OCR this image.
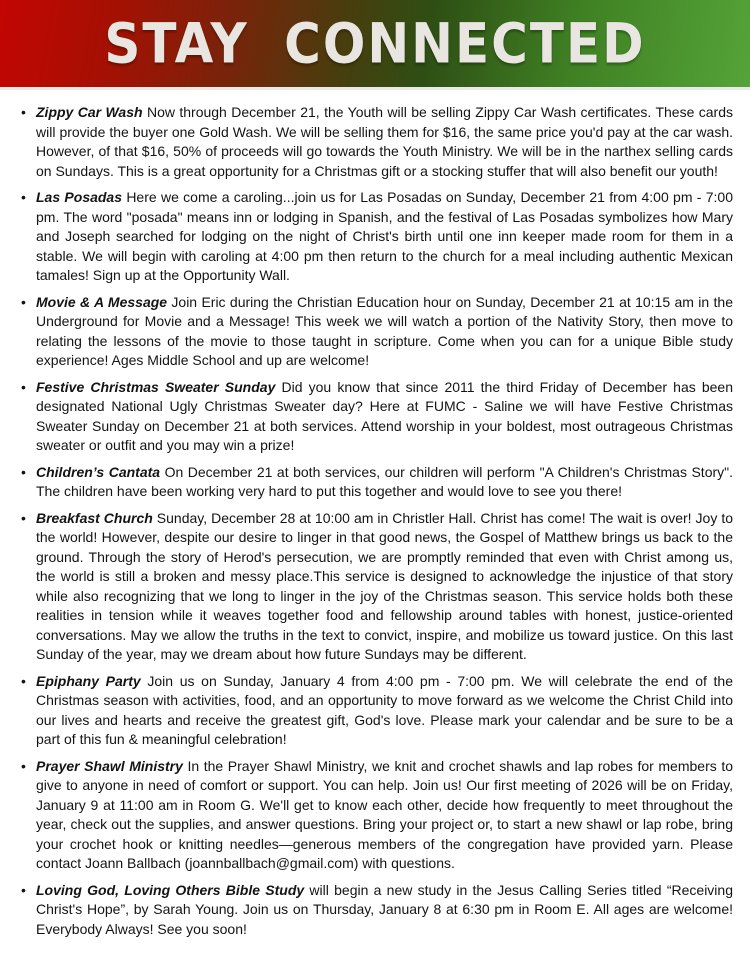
STAY CONNECTED
• Zippy Car Wash Now through December 21, the Youth will be selling Zippy Car Wash certificates. These cards will provide the buyer one Gold Wash. We will be selling them for $16, the same price you'd pay at the car wash. However, of that $16, 50% of proceeds will go towards the Youth Ministry. We will be in the narthex selling cards on Sundays. This is a great opportunity for a Christmas gift or a stocking stuffer that will also benefit our youth!
• Las Posadas Here we come a caroling...join us for Las Posadas on Sunday, December 21 from 4:00 pm - 7:00 pm. The word "posada" means inn or lodging in Spanish, and the festival of Las Posadas symbolizes how Mary and Joseph searched for lodging on the night of Christ's birth until one inn keeper made room for them in a stable. We will begin with caroling at 4:00 pm then return to the church for a meal including authentic Mexican tamales! Sign up at the Opportunity Wall.
• Movie & A Message Join Eric during the Christian Education hour on Sunday, December 21 at 10:15 am in the Underground for Movie and a Message! This week we will watch a portion of the Nativity Story, then move to relating the lessons of the movie to those taught in scripture. Come when you can for a unique Bible study experience! Ages Middle School and up are welcome!
• Festive Christmas Sweater Sunday Did you know that since 2011 the third Friday of December has been designated National Ugly Christmas Sweater day? Here at FUMC - Saline we will have Festive Christmas Sweater Sunday on December 21 at both services. Attend worship in your boldest, most outrageous Christmas sweater or outfit and you may win a prize!
• Children’s Cantata On December 21 at both services, our children will perform "A Children's Christmas Story". The children have been working very hard to put this together and would love to see you there!
• Breakfast Church Sunday, December 28 at 10:00 am in Christler Hall. Christ has come! The wait is over! Joy to the world! However, despite our desire to linger in that good news, the Gospel of Matthew brings us back to the ground. Through the story of Herod's persecution, we are promptly reminded that even with Christ among us, the world is still a broken and messy place.This service is designed to acknowledge the injustice of that story while also recognizing that we long to linger in the joy of the Christmas season. This service holds both these realities in tension while it weaves together food and fellowship around tables with honest, justice-oriented conversations. May we allow the truths in the text to convict, inspire, and mobilize us toward justice. On this last Sunday of the year, may we dream about how future Sundays may be different.
• Epiphany Party Join us on Sunday, January 4 from 4:00 pm - 7:00 pm. We will celebrate the end of the Christmas season with activities, food, and an opportunity to move forward as we welcome the Christ Child into our lives and hearts and receive the greatest gift, God's love. Please mark your calendar and be sure to be a part of this fun & meaningful celebration!
• Prayer Shawl Ministry In the Prayer Shawl Ministry, we knit and crochet shawls and lap robes for members to give to anyone in need of comfort or support. You can help. Join us! Our first meeting of 2026 will be on Friday, January 9 at 11:00 am in Room G. We'll get to know each other, decide how frequently to meet throughout the year, check out the supplies, and answer questions. Bring your project or, to start a new shawl or lap robe, bring your crochet hook or knitting needles—generous members of the congregation have provided yarn. Please contact Joann Ballbach (joannballbach@gmail.com) with questions.
• Loving God, Loving Others Bible Study will begin a new study in the Jesus Calling Series titled “Receiving Christ's Hope”, by Sarah Young. Join us on Thursday, January 8 at 6:30 pm in Room E. All ages are welcome! Everybody Always! See you soon!
